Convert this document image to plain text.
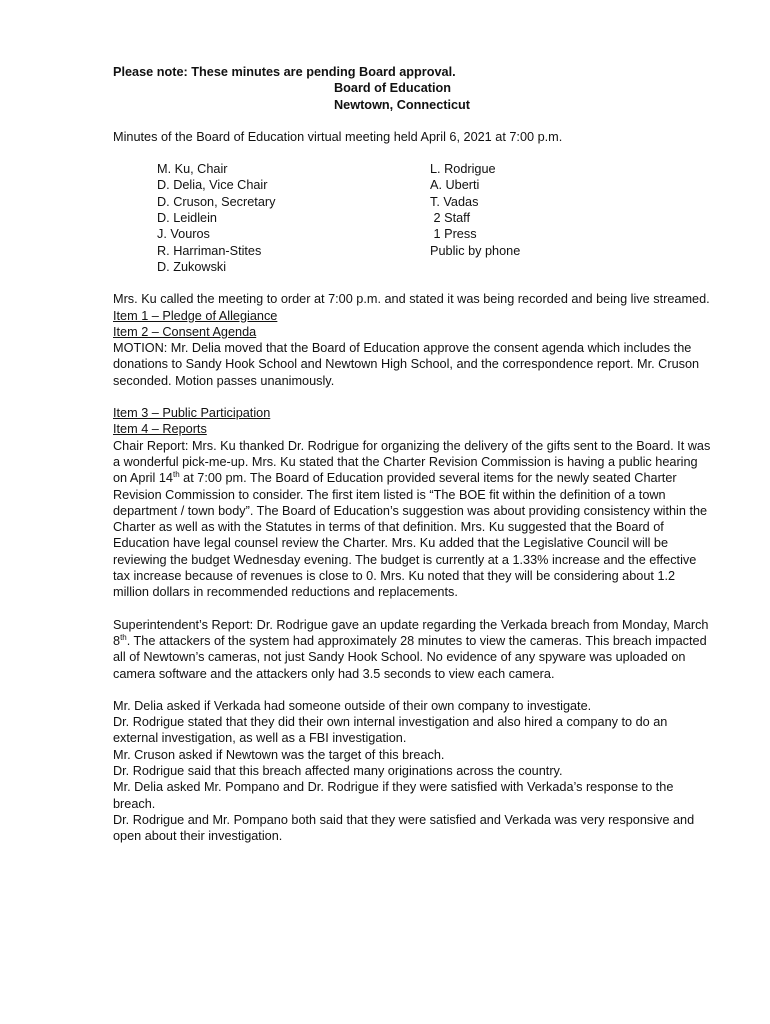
Please note: These minutes are pending Board approval.

Board of Education

Newtown, Connecticut

Minutes of the Board of Education virtual meeting held April 6, 2021 at 7:00 p.m.

M. Ku, Chair

D. Delia, Vice Chair

D. Cruson, Secretary

D. Leidlein

J. Vouros

R. Harriman-Stites

D. Zukowski

L. Rodrigue

A. Uberti

T. Vadas

2 Staff

1 Press

Public by phone

Mrs. Ku called the meeting to order at 7:00 p.m. and stated it was being recorded and being live streamed.

Item 1 – Pledge of Allegiance

Item 2 – Consent Agenda

MOTION: Mr. Delia moved that the Board of Education approve the consent agenda which includes the donations to Sandy Hook School and Newtown High School, and the correspondence report. Mr. Cruson seconded. Motion passes unanimously.

Item 3 – Public Participation

Item 4 – Reports

Chair Report: Mrs. Ku thanked Dr. Rodrigue for organizing the delivery of the gifts sent to the Board. It was a wonderful pick-me-up. Mrs. Ku stated that the Charter Revision Commission is having a public hearing on April 14th at 7:00 pm. The Board of Education provided several items for the newly seated Charter Revision Commission to consider. The first item listed is “The BOE fit within the definition of a town department / town body”. The Board of Education’s suggestion was about providing consistency within the Charter as well as with the Statutes in terms of that definition. Mrs. Ku suggested that the Board of Education have legal counsel review the Charter. Mrs. Ku added that the Legislative Council will be reviewing the budget Wednesday evening. The budget is currently at a 1.33% increase and the effective tax increase because of revenues is close to 0. Mrs. Ku noted that they will be considering about 1.2 million dollars in recommended reductions and replacements.

Superintendent’s Report: Dr. Rodrigue gave an update regarding the Verkada breach from Monday, March 8th. The attackers of the system had approximately 28 minutes to view the cameras. This breach impacted all of Newtown’s cameras, not just Sandy Hook School. No evidence of any spyware was uploaded on camera software and the attackers only had 3.5 seconds to view each camera.

Mr. Delia asked if Verkada had someone outside of their own company to investigate.

Dr. Rodrigue stated that they did their own internal investigation and also hired a company to do an external investigation, as well as a FBI investigation.

Mr. Cruson asked if Newtown was the target of this breach.

Dr. Rodrigue said that this breach affected many originations across the country.

Mr. Delia asked Mr. Pompano and Dr. Rodrigue if they were satisfied with Verkada’s response to the breach.

Dr. Rodrigue and Mr. Pompano both said that they were satisfied and Verkada was very responsive and open about their investigation.
